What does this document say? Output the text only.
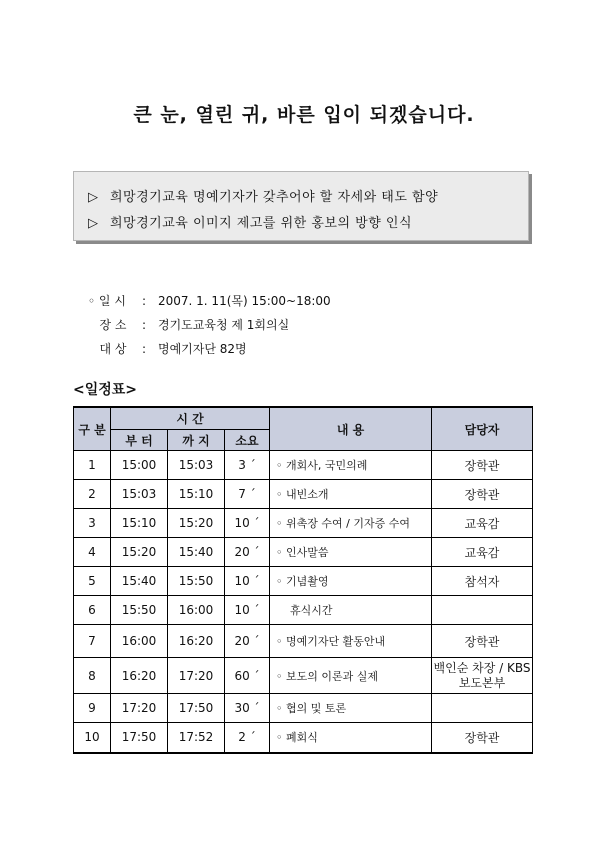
큰 눈, 열린 귀, 바른 입이 되겠습니다.
▷ 희망경기교육 명예기자가 갖추어야 할 자세와 태도 함양
▷ 희망경기교육 이미지 제고를 위한 홍보의 방향 인식
◦ 일 시 : 2007. 1. 11(목) 15:00~18:00
장 소 : 경기도교육청 제 1회의실
대 상 : 명예기자단 82명
<일정표>
구 분	시 간			내 용	담당자
	부 터	까 지	소요		
1	15:00	15:03	3 ´	◦ 개회사, 국민의례	장학관
2	15:03	15:10	7 ´	◦ 내빈소개	장학관
3	15:10	15:20	10 ´	◦ 위촉장 수여 / 기자증 수여	교육감
4	15:20	15:40	20 ´	◦ 인사말씀	교육감
5	15:40	15:50	10 ´	◦ 기념촬영	참석자
6	15:50	16:00	10 ´	휴식시간	
7	16:00	16:20	20 ´	◦ 명예기자단 활동안내	장학관
8	16:20	17:20	60 ´	◦ 보도의 이론과 실제	백인순 차장 / KBS 보도본부
9	17:20	17:50	30 ´	◦ 협의 및 토론	
10	17:50	17:52	2 ´	◦ 폐회식	장학관
